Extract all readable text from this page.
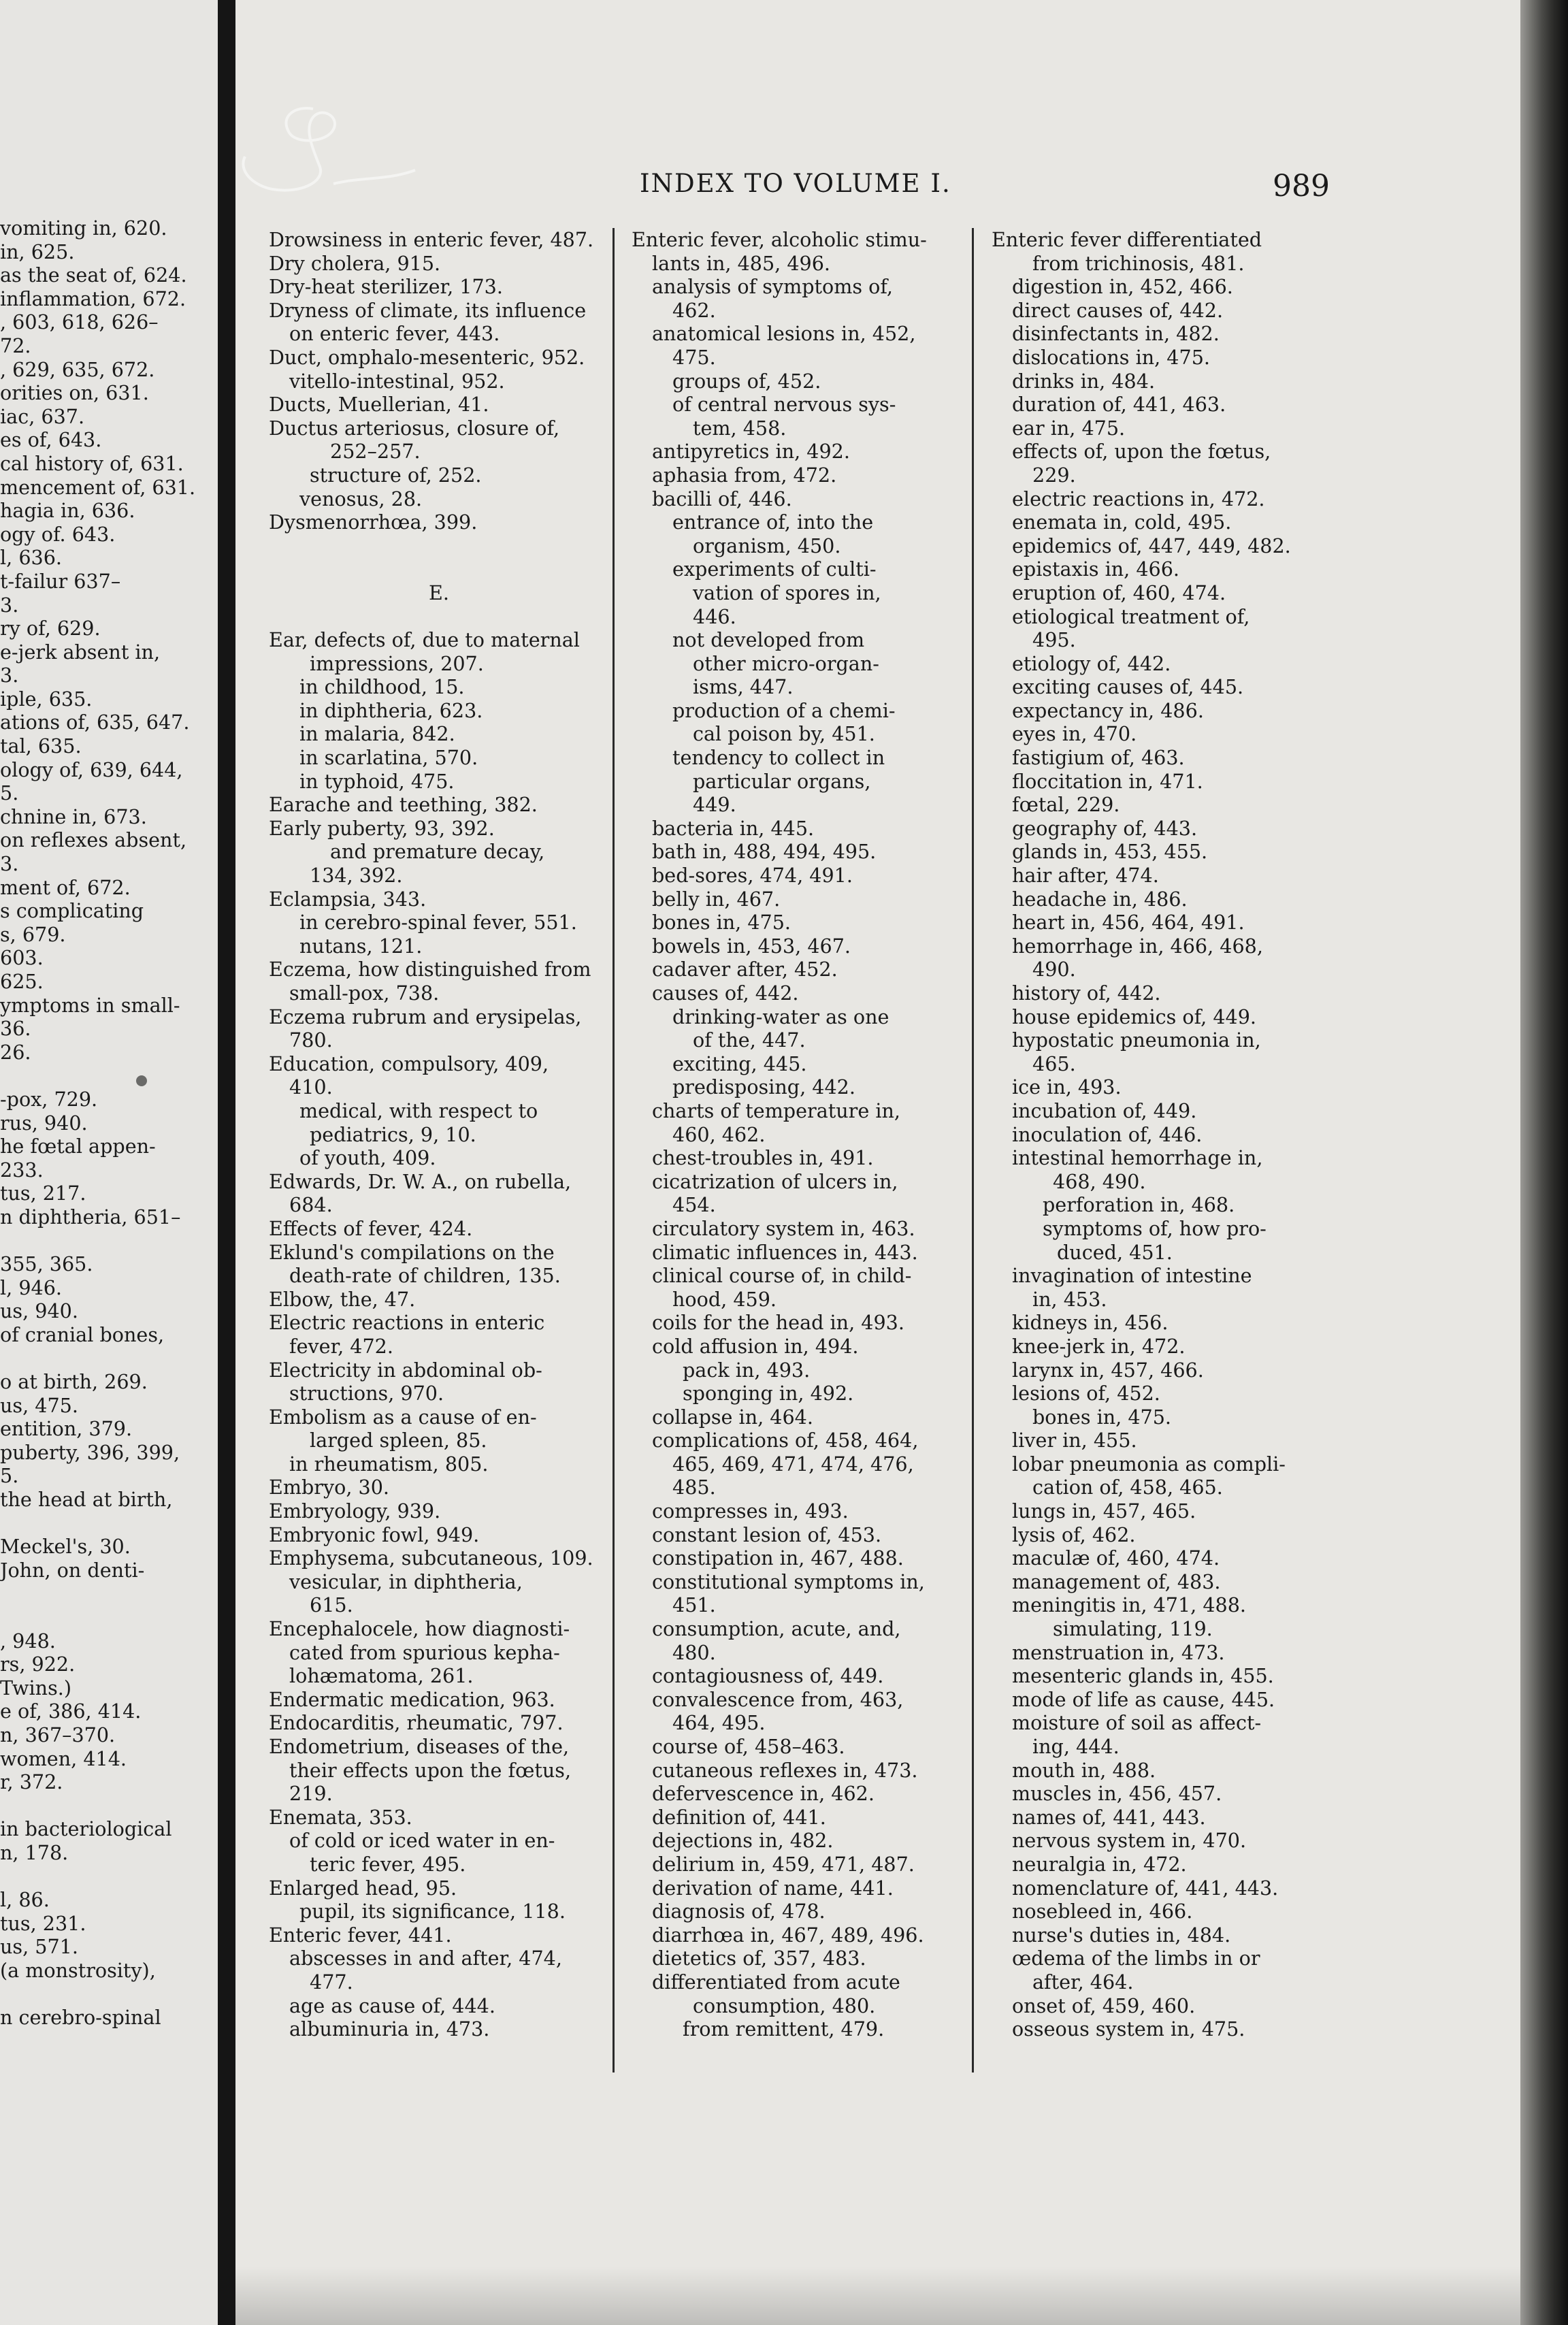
vomiting in, 620.
in, 625.
as the seat of, 624.
inflammation, 672.
, 603, 618, 626–
72.
, 629, 635, 672.
orities on, 631.
iac, 637.
es of, 643.
cal history of, 631.
mencement of, 631.
hagia in, 636.
ogy of. 643.
l, 636.
t-failur 637–
3.
ry of, 629.
e-jerk absent in,
3.
iple, 635.
ations of, 635, 647.
tal, 635.
ology of, 639, 644,
5.
chnine in, 673.
on reflexes absent,
3.
ment of, 672.
s complicating
s, 679.
603.
625.
ymptoms in small-
36.
26.

-pox, 729.
rus, 940.
he fœtal appen-
233.
tus, 217.
n diphtheria, 651–

355, 365.
l, 946.
us, 940.
of cranial bones,

o at birth, 269.
us, 475.
entition, 379.
puberty, 396, 399,
5.
the head at birth,

Meckel's, 30.
John, on denti-

, 948.
rs, 922.
Twins.)
e of, 386, 414.
n, 367–370.
women, 414.
r, 372.

in bacteriological
n, 178.

l, 86.
tus, 231.
us, 571.
(a monstrosity),

n cerebro-spinal
INDEX TO VOLUME I.	989
Drowsiness in enteric fever, 487.
Dry cholera, 915.
Dry-heat sterilizer, 173.
Dryness of climate, its influence
on enteric fever, 443.
Duct, omphalo-mesenteric, 952.
vitello-intestinal, 952.
Ducts, Muellerian, 41.
Ductus arteriosus, closure of,
252–257.
structure of, 252.
venosus, 28.
Dysmenorrhœa, 399.

E.

Ear, defects of, due to maternal
impressions, 207.
in childhood, 15.
in diphtheria, 623.
in malaria, 842.
in scarlatina, 570.
in typhoid, 475.
Earache and teething, 382.
Early puberty, 93, 392.
and premature decay,
134, 392.
Eclampsia, 343.
in cerebro-spinal fever, 551.
nutans, 121.
Eczema, how distinguished from
small-pox, 738.
Eczema rubrum and erysipelas,
780.
Education, compulsory, 409,
410.
medical, with respect to
pediatrics, 9, 10.
of youth, 409.
Edwards, Dr. W. A., on rubella,
684.
Effects of fever, 424.
Eklund's compilations on the
death-rate of children, 135.
Elbow, the, 47.
Electric reactions in enteric
fever, 472.
Electricity in abdominal ob-
structions, 970.
Embolism as a cause of en-
larged spleen, 85.
in rheumatism, 805.
Embryo, 30.
Embryology, 939.
Embryonic fowl, 949.
Emphysema, subcutaneous, 109.
vesicular, in diphtheria,
615.
Encephalocele, how diagnosti-
cated from spurious kepha-
lohæmatoma, 261.
Endermatic medication, 963.
Endocarditis, rheumatic, 797.
Endometrium, diseases of the,
their effects upon the fœtus,
219.
Enemata, 353.
of cold or iced water in en-
teric fever, 495.
Enlarged head, 95.
pupil, its significance, 118.
Enteric fever, 441.
abscesses in and after, 474,
477.
age as cause of, 444.
albuminuria in, 473.
Enteric fever, alcoholic stimu-
lants in, 485, 496.
analysis of symptoms of,
462.
anatomical lesions in, 452,
475.
groups of, 452.
of central nervous sys-
tem, 458.
antipyretics in, 492.
aphasia from, 472.
bacilli of, 446.
entrance of, into the
organism, 450.
experiments of culti-
vation of spores in,
446.
not developed from
other micro-organ-
isms, 447.
production of a chemi-
cal poison by, 451.
tendency to collect in
particular organs,
449.
bacteria in, 445.
bath in, 488, 494, 495.
bed-sores, 474, 491.
belly in, 467.
bones in, 475.
bowels in, 453, 467.
cadaver after, 452.
causes of, 442.
drinking-water as one
of the, 447.
exciting, 445.
predisposing, 442.
charts of temperature in,
460, 462.
chest-troubles in, 491.
cicatrization of ulcers in,
454.
circulatory system in, 463.
climatic influences in, 443.
clinical course of, in child-
hood, 459.
coils for the head in, 493.
cold affusion in, 494.
pack in, 493.
sponging in, 492.
collapse in, 464.
complications of, 458, 464,
465, 469, 471, 474, 476,
485.
compresses in, 493.
constant lesion of, 453.
constipation in, 467, 488.
constitutional symptoms in,
451.
consumption, acute, and,
480.
contagiousness of, 449.
convalescence from, 463,
464, 495.
course of, 458–463.
cutaneous reflexes in, 473.
defervescence in, 462.
definition of, 441.
dejections in, 482.
delirium in, 459, 471, 487.
derivation of name, 441.
diagnosis of, 478.
diarrhœa in, 467, 489, 496.
dietetics of, 357, 483.
differentiated from acute
consumption, 480.
from remittent, 479.
Enteric fever differentiated
from trichinosis, 481.
digestion in, 452, 466.
direct causes of, 442.
disinfectants in, 482.
dislocations in, 475.
drinks in, 484.
duration of, 441, 463.
ear in, 475.
effects of, upon the fœtus,
229.
electric reactions in, 472.
enemata in, cold, 495.
epidemics of, 447, 449, 482.
epistaxis in, 466.
eruption of, 460, 474.
etiological treatment of,
495.
etiology of, 442.
exciting causes of, 445.
expectancy in, 486.
eyes in, 470.
fastigium of, 463.
floccitation in, 471.
fœtal, 229.
geography of, 443.
glands in, 453, 455.
hair after, 474.
headache in, 486.
heart in, 456, 464, 491.
hemorrhage in, 466, 468,
490.
history of, 442.
house epidemics of, 449.
hypostatic pneumonia in,
465.
ice in, 493.
incubation of, 449.
inoculation of, 446.
intestinal hemorrhage in,
468, 490.
perforation in, 468.
symptoms of, how pro-
duced, 451.
invagination of intestine
in, 453.
kidneys in, 456.
knee-jerk in, 472.
larynx in, 457, 466.
lesions of, 452.
bones in, 475.
liver in, 455.
lobar pneumonia as compli-
cation of, 458, 465.
lungs in, 457, 465.
lysis of, 462.
maculæ of, 460, 474.
management of, 483.
meningitis in, 471, 488.
simulating, 119.
menstruation in, 473.
mesenteric glands in, 455.
mode of life as cause, 445.
moisture of soil as affect-
ing, 444.
mouth in, 488.
muscles in, 456, 457.
names of, 441, 443.
nervous system in, 470.
neuralgia in, 472.
nomenclature of, 441, 443.
nosebleed in, 466.
nurse's duties in, 484.
œdema of the limbs in or
after, 464.
onset of, 459, 460.
osseous system in, 475.
